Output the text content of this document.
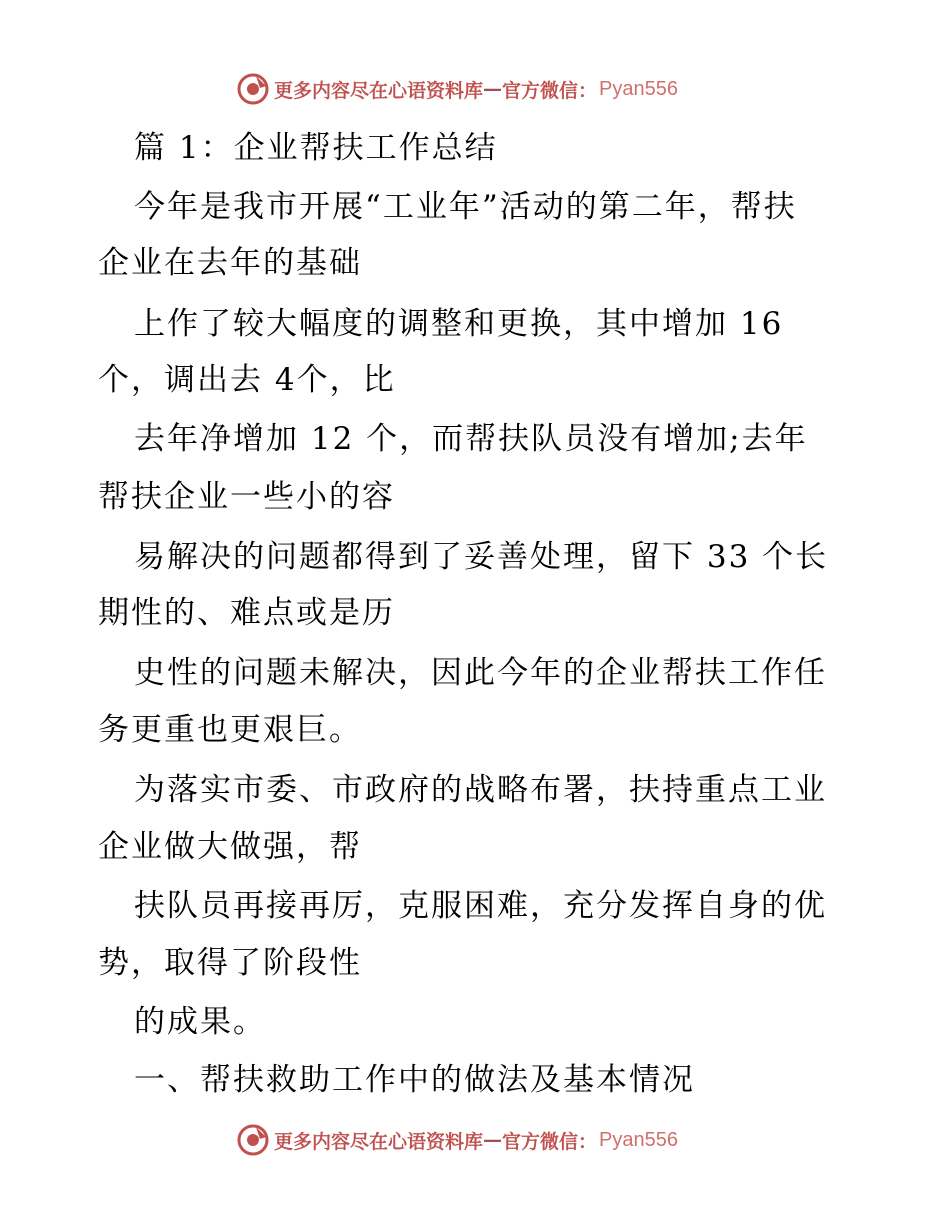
更多内容尽在心语资料库 — 官方微信： Pyan556
篇 1：企业帮扶工作总结
今年是我市开展“工业年”活动的第二年，帮扶
企业在去年的基础
上作了较大幅度的调整和更换，其中增加 16
个，调出去 4个，比
去年净增加 12 个，而帮扶队员没有增加;去年
帮扶企业一些小的容
易解决的问题都得到了妥善处理，留下 33 个长
期性的、难点或是历
史性的问题未解决，因此今年的企业帮扶工作任
务更重也更艰巨。
为落实市委、市政府的战略布署，扶持重点工业
企业做大做强，帮
扶队员再接再厉，克服困难，充分发挥自身的优
势，取得了阶段性
的成果。
一、帮扶救助工作中的做法及基本情况
更多内容尽在心语资料库 — 官方微信： Pyan556
